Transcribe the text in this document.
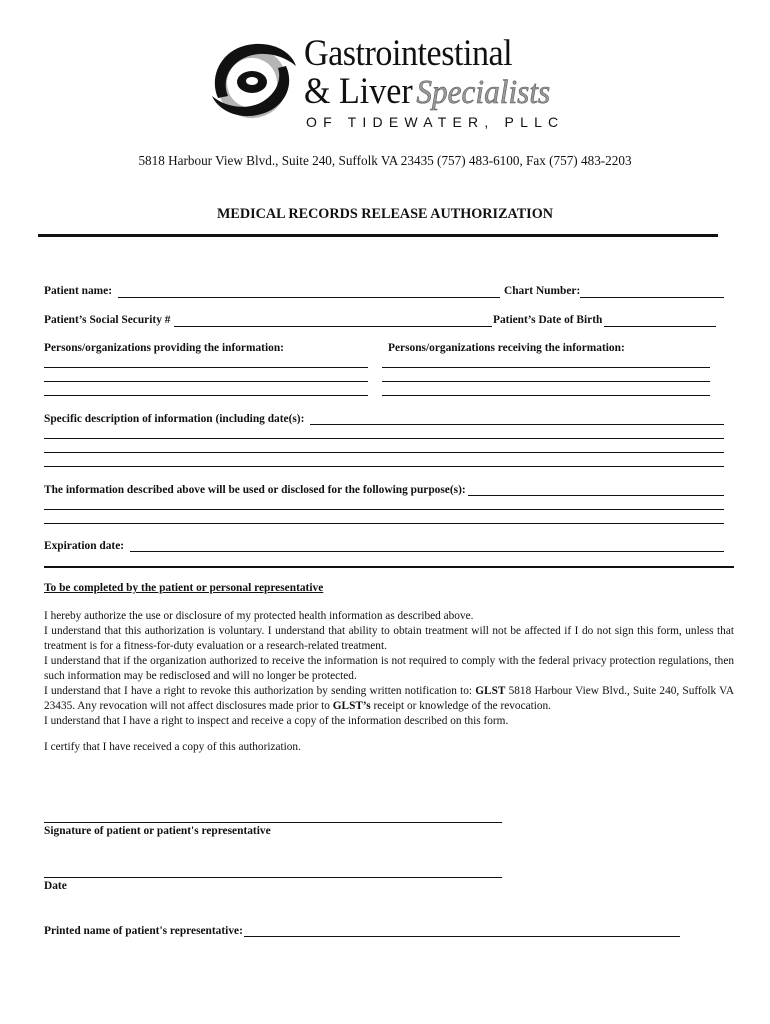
Gastrointestinal
& Liver Specialists
OF TIDEWATER, PLLC
5818 Harbour View Blvd., Suite 240, Suffolk VA 23435 (757) 483-6100, Fax (757) 483-2203
MEDICAL RECORDS RELEASE AUTHORIZATION
Patient name:	Chart Number:
Patient’s Social Security #	Patient’s Date of Birth
Persons/organizations providing the information:	Persons/organizations receiving the information:
Specific description of information (including date(s):
The information described above will be used or disclosed for the following purpose(s):
Expiration date:
To be completed by the patient or personal representative

I hereby authorize the use or disclosure of my protected health information as described above.

I understand that this authorization is voluntary. I understand that ability to obtain treatment will not be affected if I do not sign this form, unless that treatment is for a fitness-for-duty evaluation or a research-related treatment.

I understand that if the organization authorized to receive the information is not required to comply with the federal privacy protection regulations, then such information may be redisclosed and will no longer be protected.

I understand that I have a right to revoke this authorization by sending written notification to: GLST 5818 Harbour View Blvd., Suite 240, Suffolk VA 23435. Any revocation will not affect disclosures made prior to GLST’s receipt or knowledge of the revocation.

I understand that I have a right to inspect and receive a copy of the information described on this form.

I certify that I have received a copy of this authorization.
Signature of patient or patient's representative
Date
Printed name of patient's representative:
